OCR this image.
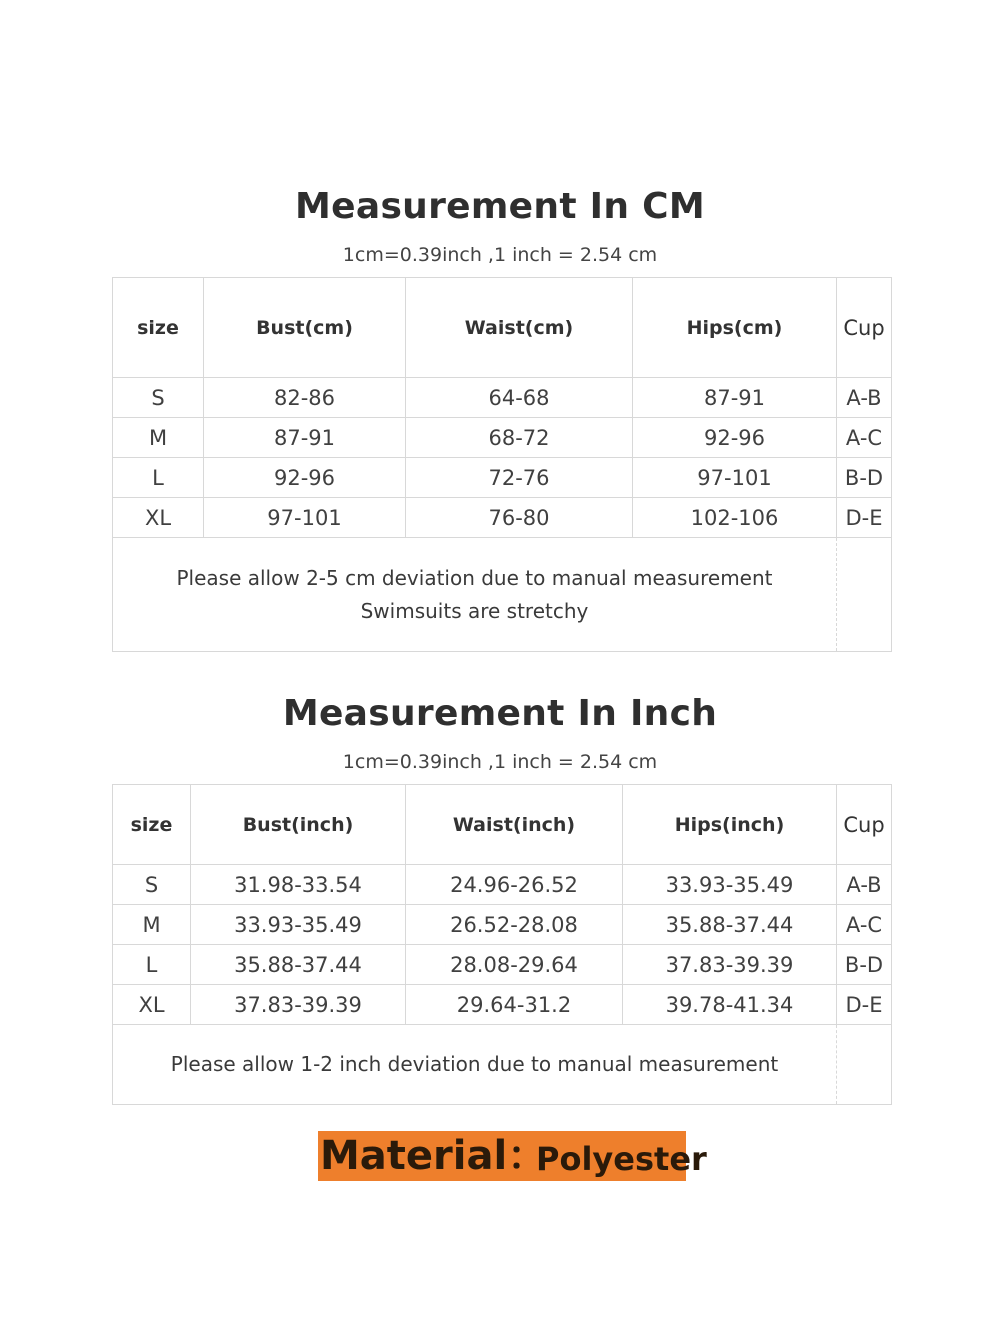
Measurement In CM
1cm=0.39inch ,1 inch = 2.54 cm
size	Bust(cm)	Waist(cm)	Hips(cm)	Cup
S	82-86	64-68	87-91	A-B
M	87-91	68-72	92-96	A-C
L	92-96	72-76	97-101	B-D
XL	97-101	76-80	102-106	D-E

Please allow 2-5 cm deviation due to manual measurement
Swimsuits are stretchy				

Measurement In Inch
1cm=0.39inch ,1 inch = 2.54 cm
size	Bust(inch)	Waist(inch)	Hips(inch)	Cup
S	31.98-33.54	24.96-26.52	33.93-35.49	A-B
M	33.93-35.49	26.52-28.08	35.88-37.44	A-C
L	35.88-37.44	28.08-29.64	37.83-39.39	B-D
XL	37.83-39.39	29.64-31.2	39.78-41.34	D-E
Please allow 1-2 inch deviation due to manual measurement				
Material：
Polyester
